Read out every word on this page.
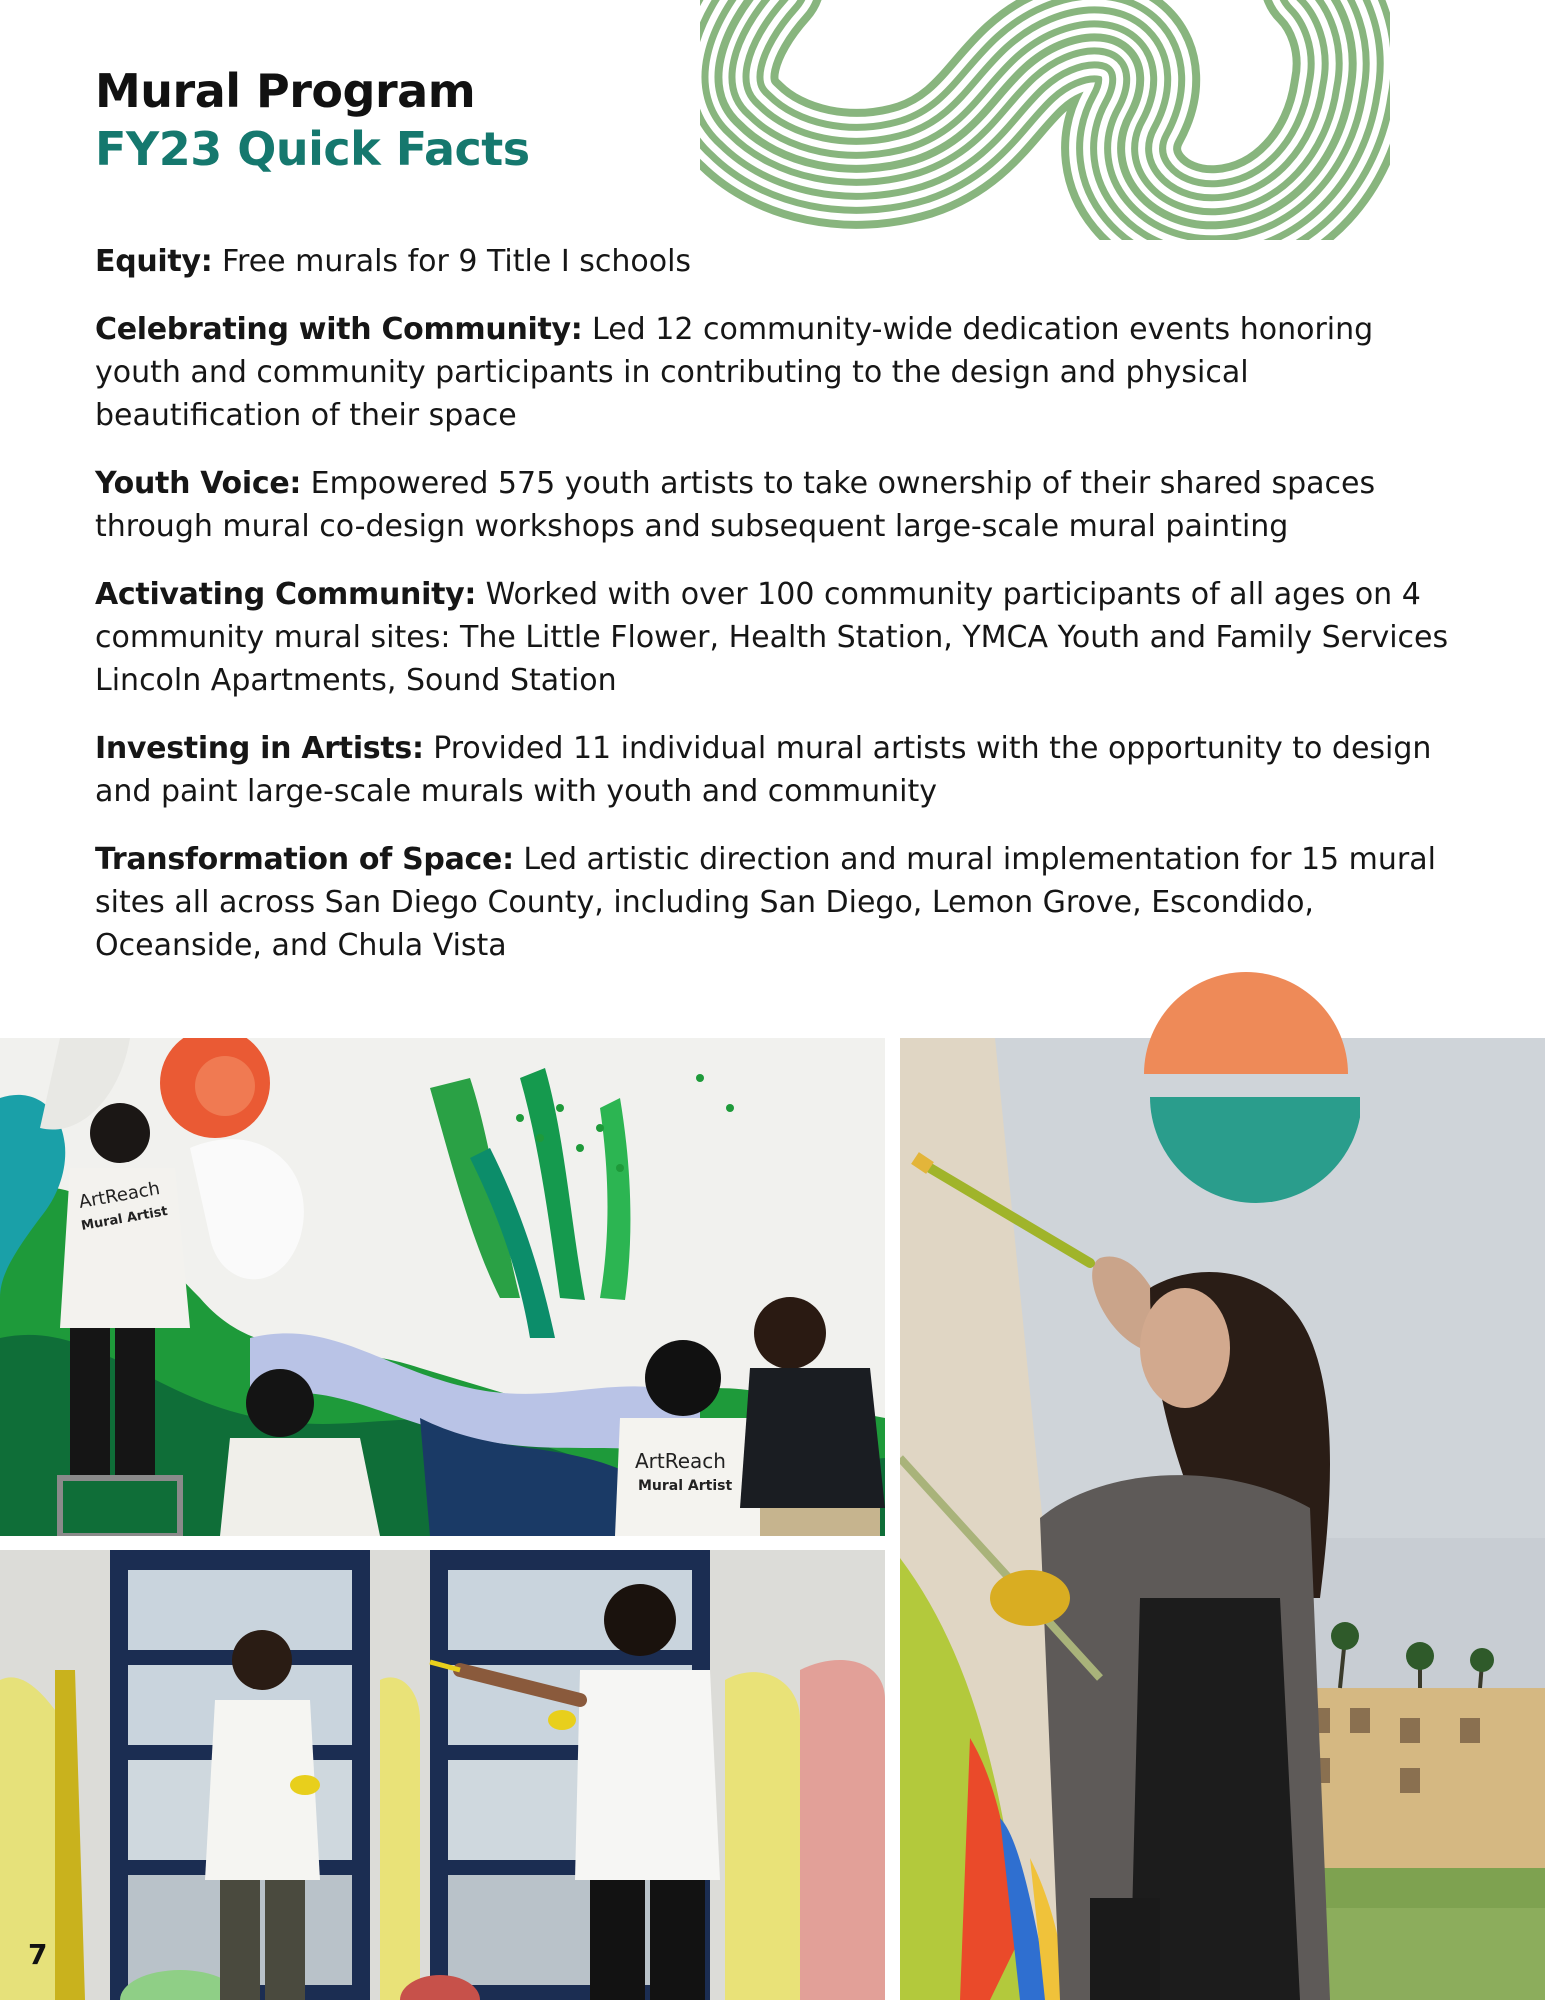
Mural Program
FY23 Quick Facts

Equity: Free murals for 9 Title I schools

Celebrating with Community: Led 12 community-wide dedication events honoring youth and community participants in contributing to the design and physical beautification of their space

Youth Voice: Empowered 575 youth artists to take ownership of their shared spaces through mural co-design workshops and subsequent large-scale mural painting

Activating Community: Worked with over 100 community participants of all ages on 4 community mural sites: The Little Flower, Health Station, YMCA Youth and Family Services Lincoln Apartments, Sound Station

Investing in Artists: Provided 11 individual mural artists with the opportunity to design and paint large-scale murals with youth and community

Transformation of Space: Led artistic direction and mural implementation for 15 mural sites all across San Diego County, including San Diego, Lemon Grove, Escondido, Oceanside, and Chula Vista

ArtReach
Mural Artist
ArtReach
Mural Artist
7
